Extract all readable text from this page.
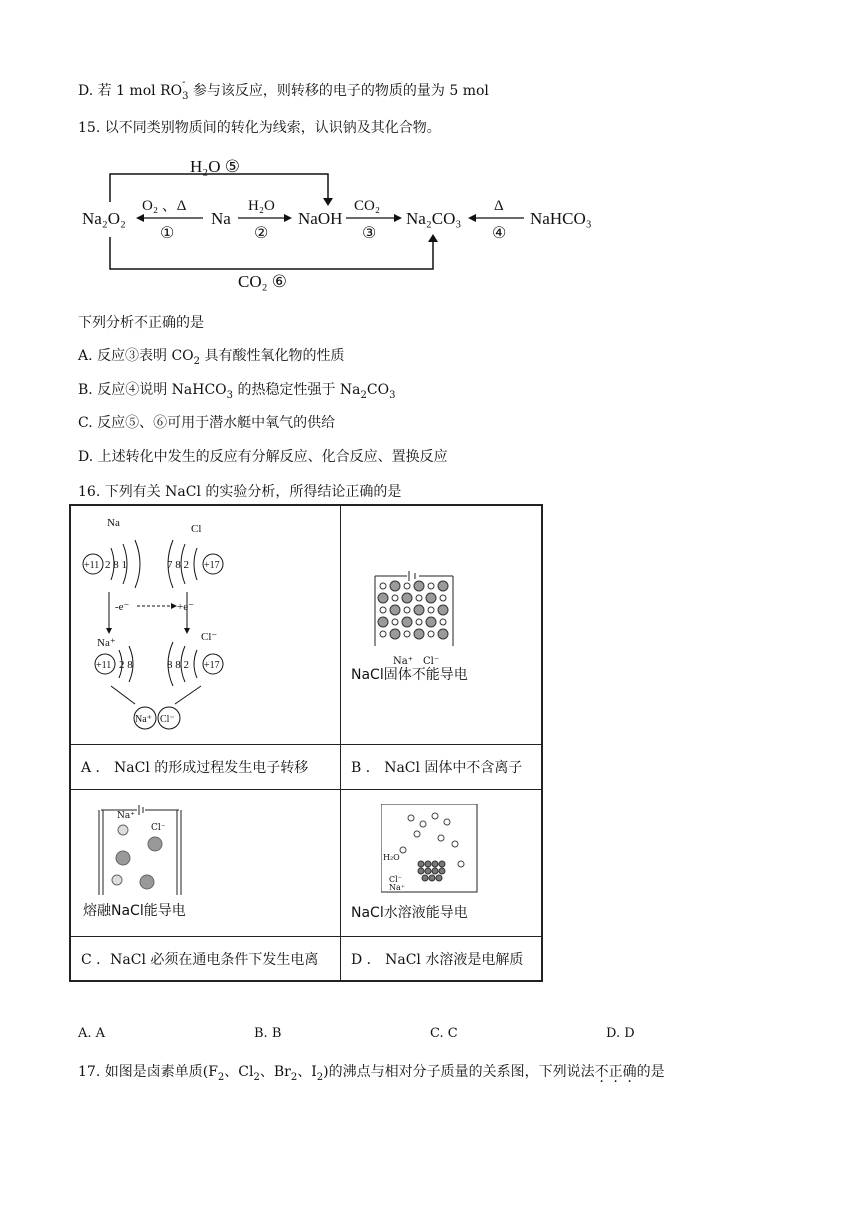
D. 若 1 mol $RO_{3 -}$
参与该反应，则转移的电子的物质的量为 5 mol
15. 以不同类别物质间的转化为线索，认识钠及其化合物。
H₂O ⑤
CO₂ ⑥
Na₂O₂	Na	NaOH	Na₂CO₃	NaHCO₃
O₂ 、Δ
①
H₂O
②
CO₂
③
Δ
④
下列分析不正确的是
A. 反应③表明 $CO_2$ 具有酸性氧化物的性质
B. 反应④说明 NaHCO$_3$ 的热稳定性强于 $Na_2CO_3$
C. 反应⑤、⑥可用于潜水艇中氧气的供给
D. 上述转化中发生的反应有分解反应、化合反应、置换反应
16. 下列有关 NaCl 的实验分析，所得结论正确的是
Na	Cl
+11 2 8 1	+17
7 8 2
-e⁻	+e⁻
Na⁺	Cl⁻
+11 2 8	+17
8 8 2
Na⁺ Cl⁻
Na⁺ Cl⁻
NaCl固体不能导电
A ． NaCl 的形成过程发生电子转移	B ． NaCl 固体中不含离子
Na⁺
Cl⁻
熔融NaCl能导电
H₂O
Cl⁻
Na⁺
NaCl水溶液能导电
C ．NaCl 必须在通电条件下发生电离 D ． NaCl 水溶液是电解质
A. A	B. B	C. C	D. D
17. 如图是卤素单质($F_2$、$Cl_2$、$Br_2$、$I_2$)的沸点与相对分子质量的关系图，下列说法不正确的是
